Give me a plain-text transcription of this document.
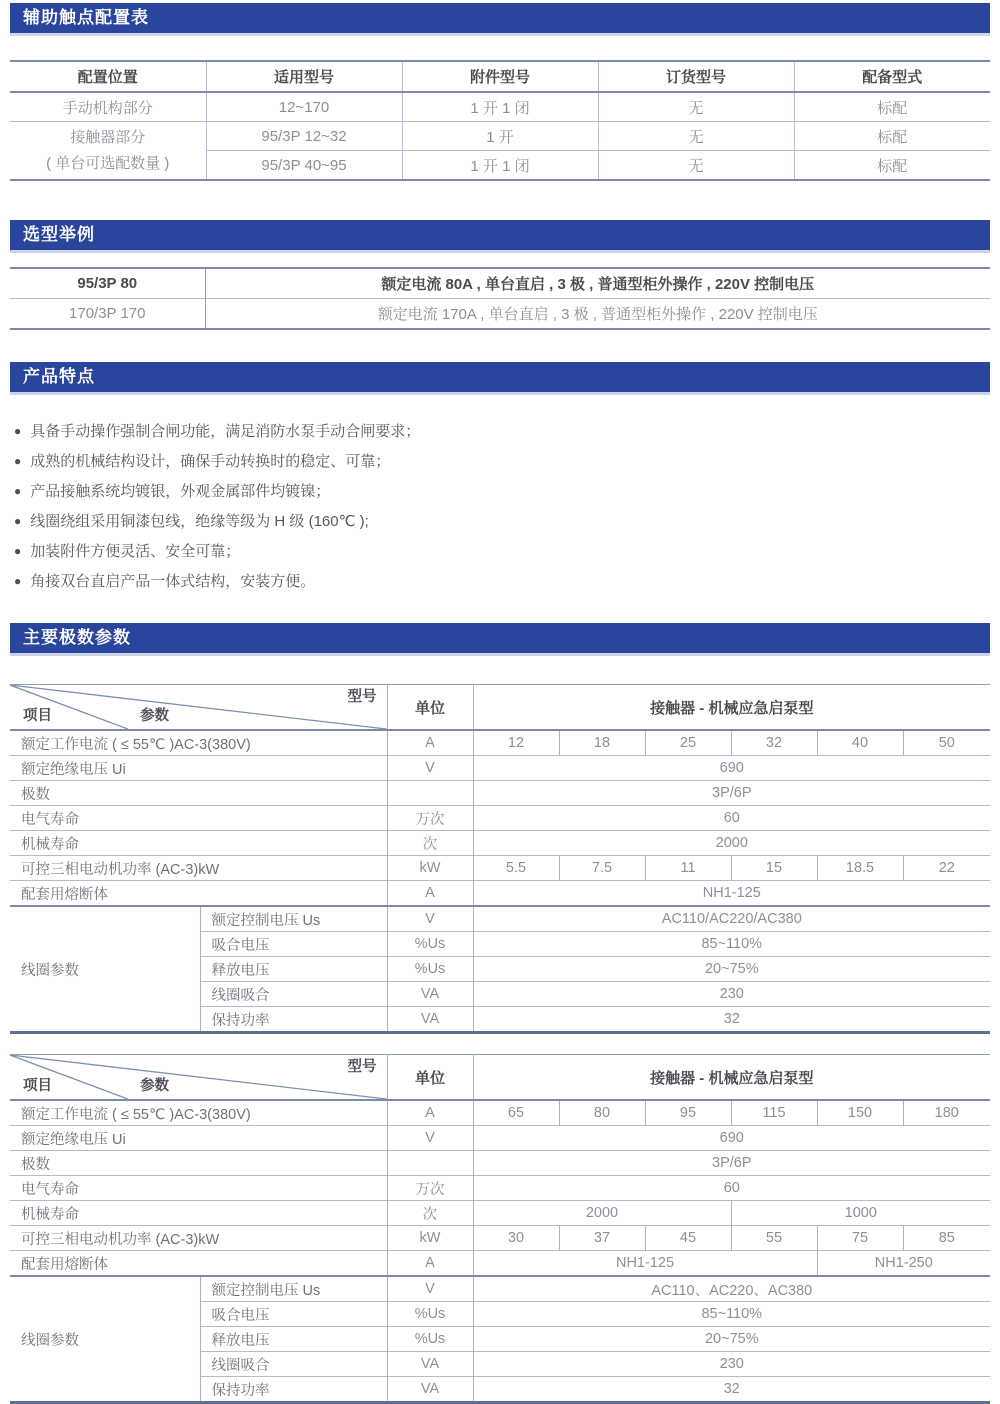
辅助触点配置表
配置位置	适用型号	附件型号	订货型号	配备型式
手动机构部分	12~170	1 开 1 闭	无	标配
接触器部分
( 单台可选配数量 )	95/3P 12~32	1 开	无	标配
	95/3P 40~95	1 开 1 闭	无	标配
选型举例
95/3P 80	额定电流 80A , 单台直启 , 3 极 , 普通型柜外操作 , 220V 控制电压
170/3P 170	额定电流 170A , 单台直启 , 3 极 , 普通型柜外操作 , 220V 控制电压
产品特点
● 具备手动操作强制合闸功能，满足消防水泵手动合闸要求；
● 成熟的机械结构设计，确保手动转换时的稳定、可靠；
● 产品接触系统均镀银，外观金属部件均镀镍；
● 线圈绕组采用铜漆包线，绝缘等级为 H 级 (160℃ );
● 加装附件方便灵活、安全可靠；
● 角接双台直启产品一体式结构，安装方便。
主要极数参数
型号
项目 参数		单位	接触器 - 机械应急启泵型					
额定工作电流 ( ≤ 55℃ )AC-3(380V)		A	12	18	25	32	40	50
额定绝缘电压 Ui		V	690					
极数			3P/6P					
电气寿命		万次	60					
机械寿命		次	2000					
可控三相电动机功率 (AC-3)kW		kW	5.5	7.5	11	15	18.5	22
配套用熔断体		A	NH1-125					
线圈参数	额定控制电压 Us	V	AC110/AC220/AC380					
	吸合电压	%Us	85~110%					
	释放电压	%Us	20~75%					
	线圈吸合	VA	230					
	保持功率	VA	32					
型号
项目 参数		单位	接触器 - 机械应急启泵型					
额定工作电流 ( ≤ 55℃ )AC-3(380V)		A	65	80	95	115	150	180
额定绝缘电压 Ui		V	690					
极数			3P/6P					
电气寿命		万次	60					
机械寿命		次	2000			1000		
可控三相电动机功率 (AC-3)kW		kW	30	37	45	55	75	85
配套用熔断体		A	NH1-125				NH1-250	
线圈参数	额定控制电压 Us	V	AC110、AC220、AC380					
	吸合电压	%Us	85~110%					
	释放电压	%Us	20~75%					
	线圈吸合	VA	230					
	保持功率	VA	32					
